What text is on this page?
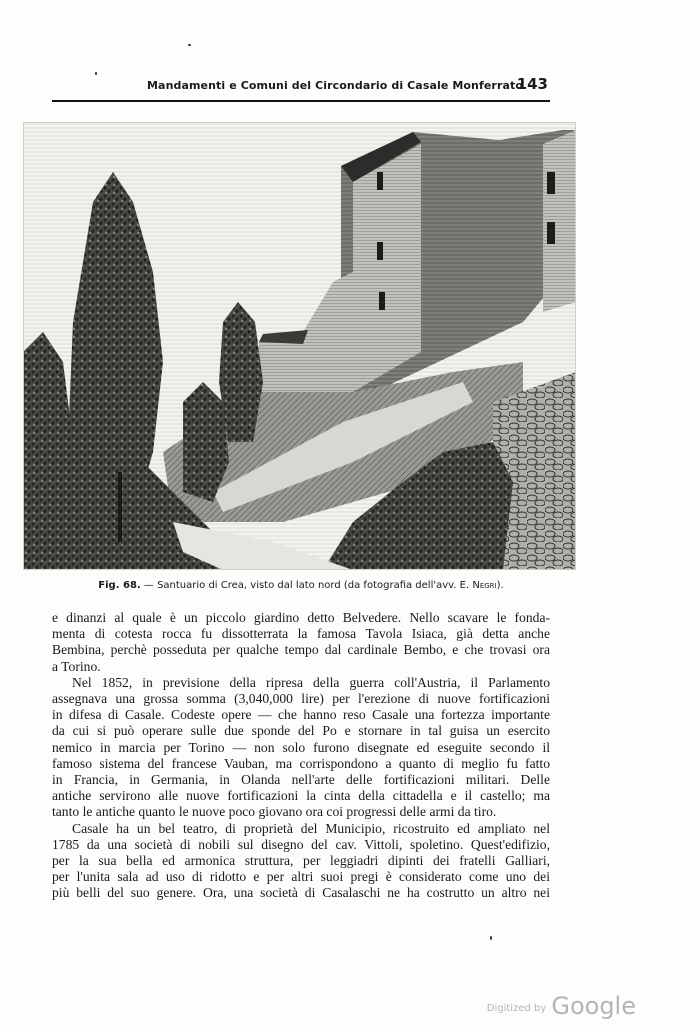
Mandamenti e Comuni del Circondario di Casale Monferrato
143
Fig. 68. — Santuario di Crea, visto dal lato nord (da fotografia dell'avv. E. Negri).

e dinanzi al quale è un piccolo giardino detto Belvedere. Nello scavare le fonda-

menta di cotesta rocca fu dissotterrata la famosa Tavola Isiaca, già detta anche

Bembina, perchè posseduta per qualche tempo dal cardinale Bembo, e che trovasi ora

a Torino.

Nel 1852, in previsione della ripresa della guerra coll'Austria, il Parlamento

assegnava una grossa somma (3,040,000 lire) per l'erezione di nuove fortificazioni

in difesa di Casale. Codeste opere — che hanno reso Casale una fortezza importante

da cui si può operare sulle due sponde del Po e stornare in tal guisa un esercito

nemico in marcia per Torino — non solo furono disegnate ed eseguite secondo il

famoso sistema del francese Vauban, ma corrispondono a quanto di meglio fu fatto

in Francia, in Germania, in Olanda nell'arte delle fortificazioni militari. Delle

antiche servirono alle nuove fortificazioni la cinta della cittadella e il castello; ma

tanto le antiche quanto le nuove poco giovano ora coi progressi delle armi da tiro.

Casale ha un bel teatro, di proprietà del Municipio, ricostruito ed ampliato nel

1785 da una società di nobili sul disegno del cav. Vittoli, spoletino. Quest'edifizio,

per la sua bella ed armonica struttura, per leggiadri dipinti dei fratelli Galliari,

per l'unita sala ad uso di ridotto e per altri suoi pregi è considerato come uno dei

più belli del suo genere. Ora, una società di Casalaschi ne ha costrutto un altro nei

Digitized by Google
